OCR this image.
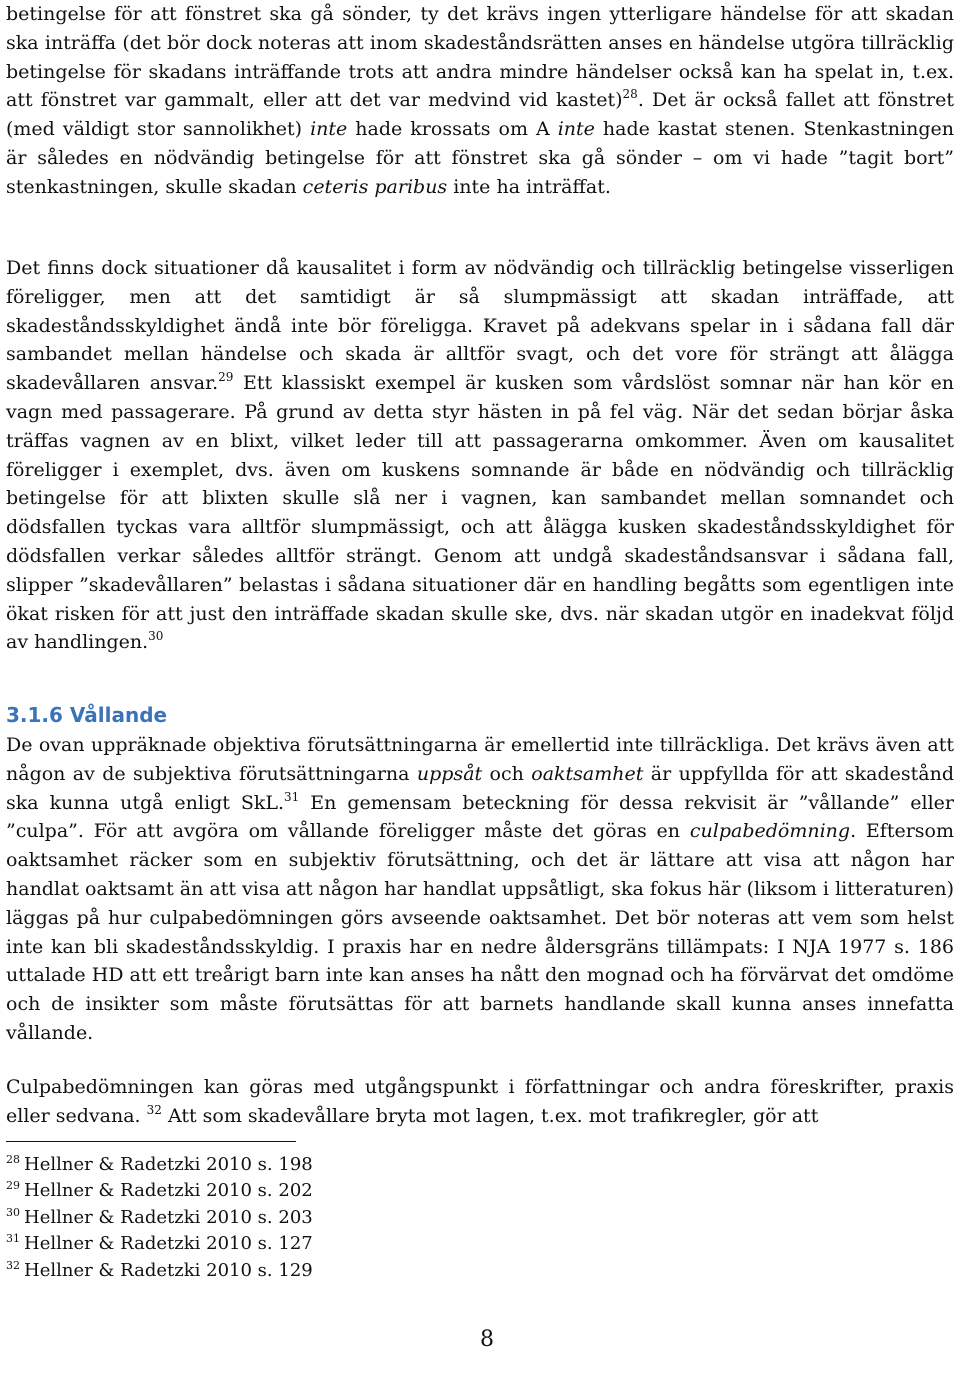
betingelse för att fönstret ska gå sönder, ty det krävs ingen ytterligare händelse för att skadan ska inträffa (det bör dock noteras att inom skadeståndsrätten anses en händelse utgöra tillräcklig betingelse för skadans inträffande trots att andra mindre händelser också kan ha spelat in, t.ex. att fönstret var gammalt, eller att det var medvind vid kastet)$^{28}$. Det är också fallet att fönstret (med väldigt stor sannolikhet) inte hade krossats om A inte hade kastat stenen. Stenkastningen är således en nödvändig betingelse för att fönstret ska gå sönder – om vi hade ”tagit bort” stenkastningen, skulle skadan ceteris paribus inte ha inträffat.

Det finns dock situationer då kausalitet i form av nödvändig och tillräcklig betingelse visserligen föreligger, men att det samtidigt är så slumpmässigt att skadan inträffade, att skadeståndsskyldighet ändå inte bör föreligga. Kravet på adekvans spelar in i sådana fall där sambandet mellan händelse och skada är alltför svagt, och det vore för strängt att ålägga skadevållaren ansvar.$^{29}$ Ett klassiskt exempel är kusken som vårdslöst somnar när han kör en vagn med passagerare. På grund av detta styr hästen in på fel väg. När det sedan börjar åska träffas vagnen av en blixt, vilket leder till att passagerarna omkommer. Även om kausalitet föreligger i exemplet, dvs. även om kuskens somnande är både en nödvändig och tillräcklig betingelse för att blixten skulle slå ner i vagnen, kan sambandet mellan somnandet och dödsfallen tyckas vara alltför slumpmässigt, och att ålägga kusken skadeståndsskyldighet för dödsfallen verkar således alltför strängt. Genom att undgå skadeståndsansvar i sådana fall, slipper ”skadevållaren” belastas i sådana situationer där en handling begåtts som egentligen inte ökat risken för att just den inträffade skadan skulle ske, dvs. när skadan utgör en inadekvat följd av handlingen.$^{30}$

3.1.6 Vållande

De ovan uppräknade objektiva förutsättningarna är emellertid inte tillräckliga. Det krävs även att någon av de subjektiva förutsättningarna uppsåt och oaktsamhet är uppfyllda för att skadestånd ska kunna utgå enligt SkL.$^{31}$ En gemensam beteckning för dessa rekvisit är ”vållande” eller ”culpa”. För att avgöra om vållande föreligger måste det göras en culpabedömning. Eftersom oaktsamhet räcker som en subjektiv förutsättning, och det är lättare att visa att någon har handlat oaktsamt än att visa att någon har handlat uppsåtligt, ska fokus här (liksom i litteraturen) läggas på hur culpabedömningen görs avseende oaktsamhet. Det bör noteras att vem som helst inte kan bli skadeståndsskyldig. I praxis har en nedre åldersgräns tillämpats: I NJA 1977 s. 186 uttalade HD att ett treårigt barn inte kan anses ha nått den mognad och ha förvärvat det omdöme och de insikter som måste förutsättas för att barnets handlande skall kunna anses innefatta vållande.

Culpabedömningen kan göras med utgångspunkt i författningar och andra föreskrifter, praxis eller sedvana. $^{32}$ Att som skadevållare bryta mot lagen, t.ex. mot trafikregler, gör att

$^{28}$ Hellner & Radetzki 2010 s. 198
$^{29}$ Hellner & Radetzki 2010 s. 202
$^{30}$ Hellner & Radetzki 2010 s. 203
$^{31}$ Hellner & Radetzki 2010 s. 127
$^{32}$ Hellner & Radetzki 2010 s. 129
8
